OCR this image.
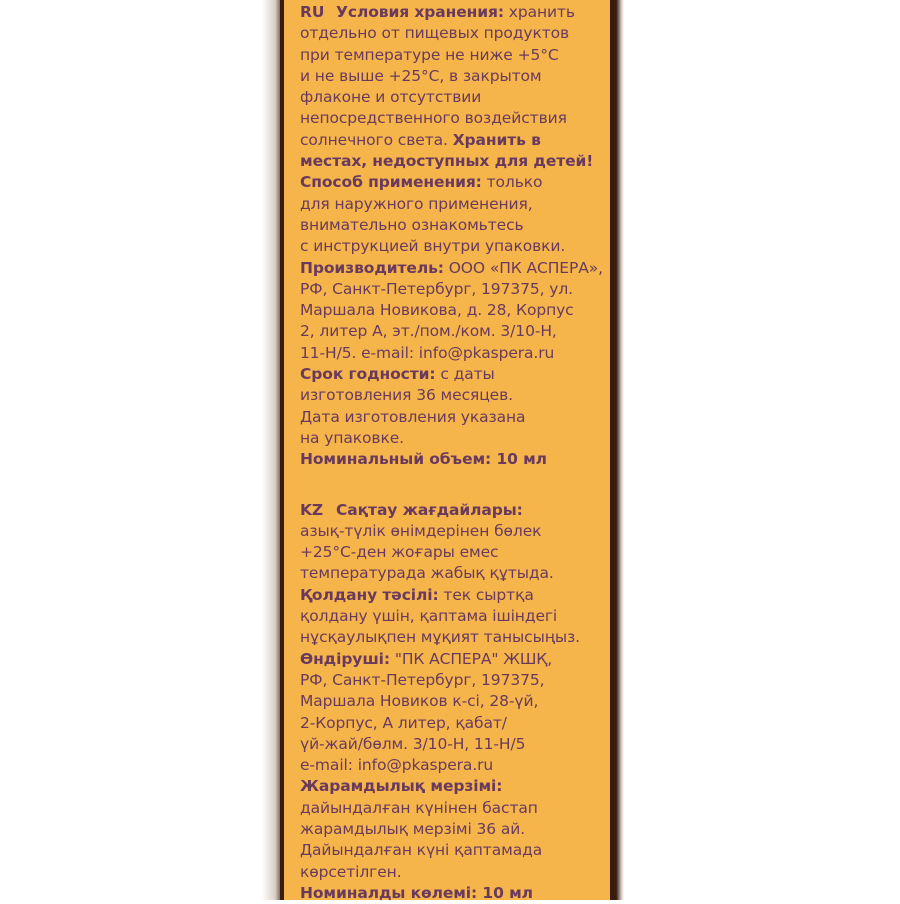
RU Условия хранения: хранить
отдельно от пищевых продуктов
при температуре не ниже +5°С
и не выше +25°С, в закрытом
флаконе и отсутствии
непосредственного воздействия
солнечного света. Хранить в
местах, недоступных для детей!
Способ применения: только
для наружного применения,
внимательно ознакомьтесь
с инструкцией внутри упаковки.
Производитель: ООО «ПК АСПЕРА»,
РФ, Санкт-Петербург, 197375, ул.
Маршала Новикова, д. 28, Корпус
2, литер А, эт./пом./ком. 3/10-Н,
11-Н/5. e-mail: info@pkaspera.ru
Срок годности: с даты
изготовления 36 месяцев.
Дата изготовления указана
на упаковке.
Номинальный объем: 10 мл
KZ Сақтау жағдайлары:
азық-түлік өнімдерінен бөлек
+25°С-ден жоғары емес
температурада жабық құтыда.
Қолдану тәсілі: тек сыртқа
қолдану үшін, қаптама ішіндегі
нұсқаулықпен мұқият танысыңыз.
Өндіруші: "ПК АСПЕРА" ЖШҚ,
РФ, Санкт-Петербург, 197375,
Маршала Новиков к-сі, 28-үй,
2-Корпус, А литер, қабат/
үй-жай/бөлм. 3/10-Н, 11-Н/5
e-mail: info@pkaspera.ru
Жарамдылық мерзімі:
дайындалған күнінен бастап
жарамдылық мерзімі 36 ай.
Дайындалған күні қаптамада
көрсетілген.
Номиналды көлемі: 10 мл
